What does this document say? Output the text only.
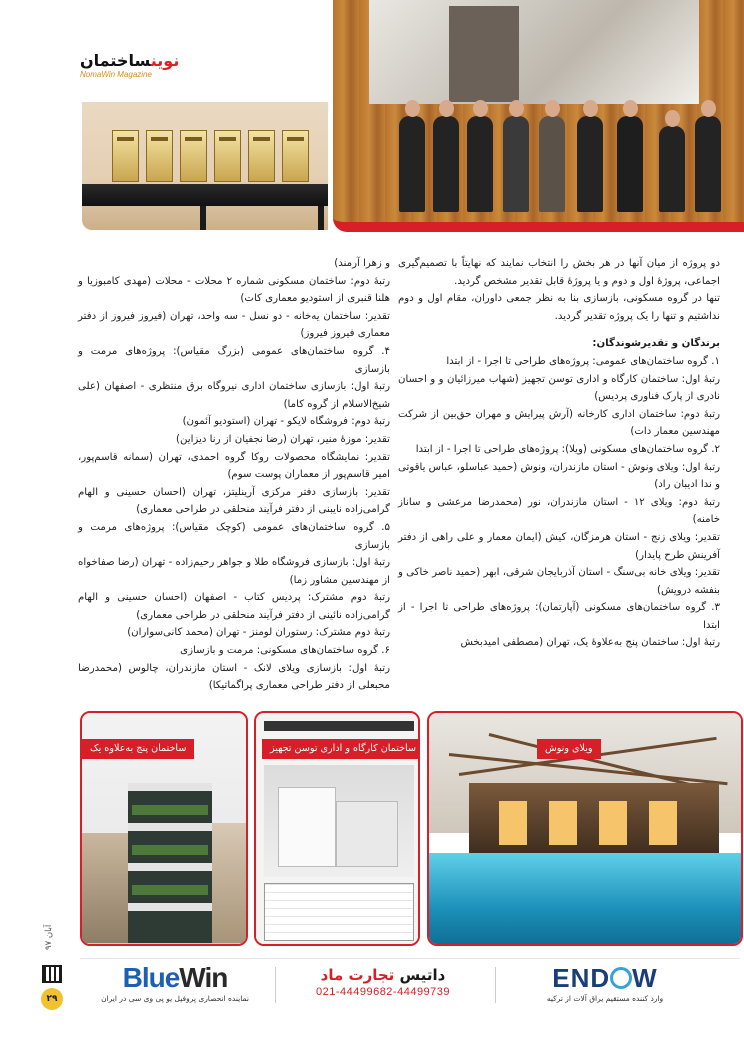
نوینساختمان
NomaWin Magazine

دو پروژه از میان آنها در هر بخش را انتخاب نمایند که نهایتاً با تصمیم‌گیری اجماعی، پروژۀ اول و دوم و یا پروژۀ قابل تقدیر مشخص گردید.

تنها در گروه مسکونی، بازسازی بنا به نظر جمعی داوران، مقام اول و دوم نداشتیم و تنها را یک پروژه تقدیر گردید.

برندگان و تقدیرشوندگان:

۱. گروه ساختمان‌های عمومی: پروژه‌های طراحی تا اجرا - از ابتدا

رتبۀ اول: ساختمان کارگاه و اداری توسن تجهیز (شهاب میرزائیان و و احسان نادری از پارک فناوری پردیس)

رتبۀ دوم: ساختمان اداری کارخانه (آرش پیرایش و مهران حق‌بین از شرکت مهندسین معمار دات)

۲. گروه ساختمان‌های مسکونی (ویلا): پروژه‌های طراحی تا اجرا - از ابتدا

رتبۀ اول: ویلای ونوش - استان مازندران، ونوش (حمید عباسلو، عباس یاقوتی و ندا ادیبان راد)

رتبۀ دوم: ویلای ۱۲ - استان مازندران، نور (محمدرضا مرعشی و ساناز خامنه)

تقدیر: ویلای زنج - استان هرمزگان، کیش (ایمان معمار و علی راهی از دفتر آفرینش طرح پایدار)

تقدیر: ویلای خانه بی‌سنگ - استان آذربایجان شرقی، ابهر (حمید ناصر خاکی و بنفشه درویش)

۳. گروه ساختمان‌های مسکونی (آپارتمان): پروژه‌های طراحی تا اجرا - از ابتدا

رتبۀ اول: ساختمان پنج به‌علاوۀ یک، تهران (مصطفی امیدبخش

و زهرا آرمند)

رتبۀ دوم: ساختمان مسکونی شماره ۲ محلات - محلات (مهدی کامبوزیا و هلنا قنبری از استودیو معماری کات)

تقدیر: ساختمان یه‌خانه - دو نسل - سه واحد، تهران (فیروز فیروز از دفتر معماری فیروز فیروز)

۴. گروه ساختمان‌های عمومی (بزرگ مقیاس): پروژه‌های مرمت و بازسازی

رتبۀ اول: بازسازی ساختمان اداری نیروگاه برق منتظری - اصفهان (علی شیخ‌الاسلام از گروه کاما)

رتبۀ دوم: فروشگاه لایکو - تهران (استودیو آئمون)

تقدیر: موزۀ منیر، تهران (رضا نجفیان از رنا دیزاین)

تقدیر: نمایشگاه محصولات روکا گروه احمدی، تهران (سمانه قاسم‌پور، امیر قاسم‌پور از معماران پوست سوم)

تقدیر: بازسازی دفتر مرکزی آرینلیتز، تهران (احسان حسینی و الهام گرامی‌زاده نایبنی از دفتر فرآیند منحلقی در طراحی معماری)

۵. گروه ساختمان‌های عمومی (کوچک مقیاس): پروژه‌های مرمت و بازسازی

رتبۀ اول: بازسازی فروشگاه طلا و جواهر رحیم‌زاده - تهران (رضا صفاخواه از مهندسین مشاور زما)

رتبۀ دوم مشترک: پردیس کتاب - اصفهان (احسان حسینی و الهام گرامی‌زاده نائینی از دفتر فرآیند منحلقی در طراحی معماری)

رتبۀ دوم مشترک: رستوران لومنز - تهران (محمد کانی‌سواران)

۶. گروه ساختمان‌های مسکونی: مرمت و بازسازی

رتبۀ اول: بازسازی ویلای لانک - استان مازندران، چالوس (محمدرضا محبعلی از دفتر طراحی معماری پراگماتیکا)

ویلای ونوش
ساختمان کارگاه و اداری توسن تجهیز
ساختمان پنج به‌علاوه یک
آبان ۹۷
۲۹
BlueWin
نماینده انحصاری پروفیل یو پی وی سی در ایران
داتیس تجارت ماد
021-44499682-44499739	END W
وارد کننده مستقیم یراق آلات از ترکیه
